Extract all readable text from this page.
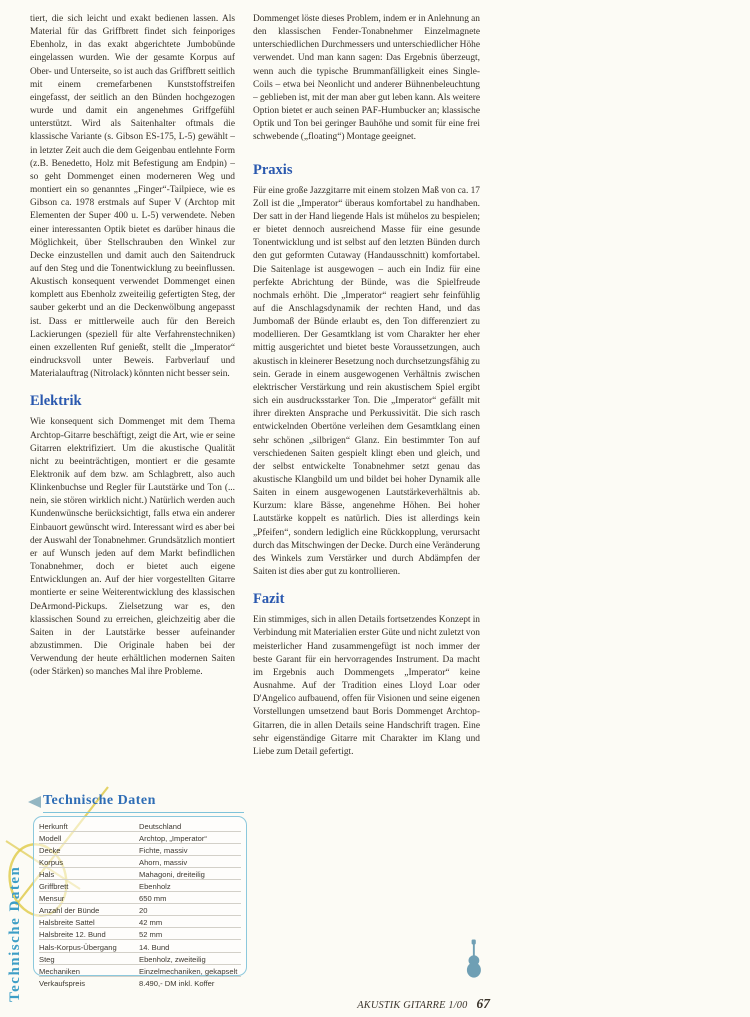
tiert, die sich leicht und exakt bedienen lassen. Als Material für das Griffbrett findet sich feinporiges Ebenholz, in das exakt abgerichtete Jumbobünde eingelassen wurden. Wie der gesamte Korpus auf Ober- und Unterseite, so ist auch das Griffbrett seitlich mit einem cremefarbenen Kunststoffstreifen eingefasst, der seitlich an den Bünden hochgezogen wurde und damit ein angenehmes Griffgefühl unterstützt. Wird als Saitenhalter oftmals die klassische Variante (s. Gibson ES-175, L-5) gewählt – in letzter Zeit auch die dem Geigenbau entlehnte Form (z.B. Benedetto, Holz mit Befestigung am Endpin) – so geht Dommenget einen moderneren Weg und montiert ein so genanntes „Finger“-Tailpiece, wie es Gibson ca. 1978 erstmals auf Super V (Archtop mit Elementen der Super 400 u. L-5) verwendete. Neben einer interessanten Optik bietet es darüber hinaus die Möglichkeit, über Stellschrauben den Winkel zur Decke einzustellen und damit auch den Saitendruck auf den Steg und die Tonentwicklung zu beeinflussen. Akustisch konsequent verwendet Dommenget einen komplett aus Ebenholz zweiteilig gefertigten Steg, der sauber gekerbt und an die Deckenwölbung angepasst ist. Dass er mittlerweile auch für den Bereich Lackierungen (speziell für alte Verfahrenstechniken) einen exzellenten Ruf genießt, stellt die „Imperator“ eindrucksvoll unter Beweis. Farbverlauf und Materialauftrag (Nitrolack) könnten nicht besser sein.

Elektrik

Wie konsequent sich Dommenget mit dem Thema Archtop-Gitarre beschäftigt, zeigt die Art, wie er seine Gitarren elektrifiziert. Um die akustische Qualität nicht zu beeinträchtigen, montiert er die gesamte Elektronik auf dem bzw. am Schlagbrett, also auch Klinkenbuchse und Regler für Lautstärke und Ton (... nein, sie stören wirklich nicht.) Natürlich werden auch Kundenwünsche berücksichtigt, falls etwa ein anderer Einbauort gewünscht wird. Interessant wird es aber bei der Auswahl der Tonabnehmer. Grundsätzlich montiert er auf Wunsch jeden auf dem Markt befindlichen Tonabnehmer, doch er bietet auch eigene Entwicklungen an. Auf der hier vorgestellten Gitarre montierte er seine Weiterentwicklung des klassischen DeArmond-Pickups. Zielsetzung war es, den klassischen Sound zu erreichen, gleichzeitig aber die Saiten in der Lautstärke besser aufeinander abzustimmen. Die Originale haben bei der Verwendung der heute erhältlichen modernen Saiten (oder Stärken) so manches Mal ihre Probleme.

Dommenget löste dieses Problem, indem er in Anlehnung an den klassischen Fender-Tonabnehmer Einzelmagnete unterschiedlichen Durchmessers und unterschiedlicher Höhe verwendet. Und man kann sagen: Das Ergebnis überzeugt, wenn auch die typische Brummanfälligkeit eines Single-Coils – etwa bei Neonlicht und anderer Bühnenbeleuchtung – geblieben ist, mit der man aber gut leben kann. Als weitere Option bietet er auch seinen PAF-Humbucker an; klassische Optik und Ton bei geringer Bauhöhe und somit für eine frei schwebende („floating“) Montage geeignet.

Praxis

Für eine große Jazzgitarre mit einem stolzen Maß von ca. 17 Zoll ist die „Imperator“ überaus komfortabel zu handhaben. Der satt in der Hand liegende Hals ist mühelos zu bespielen; er bietet dennoch ausreichend Masse für eine gesunde Tonentwicklung und ist selbst auf den letzten Bünden durch den gut geformten Cutaway (Handausschnitt) komfortabel. Die Saitenlage ist ausgewogen – auch ein Indiz für eine perfekte Abrichtung der Bünde, was die Spielfreude nochmals erhöht. Die „Imperator“ reagiert sehr feinfühlig auf die Anschlagsdynamik der rechten Hand, und das Jumbomaß der Bünde erlaubt es, den Ton differenziert zu modellieren. Der Gesamtklang ist vom Charakter her eher mittig ausgerichtet und bietet beste Voraussetzungen, auch akustisch in kleinerer Besetzung noch durchsetzungsfähig zu sein. Gerade in einem ausgewogenen Verhältnis zwischen elektrischer Verstärkung und rein akustischem Spiel ergibt sich ein ausdrucksstarker Ton. Die „Imperator“ gefällt mit ihrer direkten Ansprache und Perkussivität. Die sich rasch entwickelnden Obertöne verleihen dem Gesamtklang einen sehr schönen „silbrigen“ Glanz. Ein bestimmter Ton auf verschiedenen Saiten gespielt klingt eben und gleich, und der selbst entwickelte Tonabnehmer setzt genau das akustische Klangbild um und bildet bei hoher Dynamik alle Saiten in einem ausgewogenen Lautstärkeverhältnis ab. Kurzum: klare Bässe, angenehme Höhen. Bei hoher Lautstärke koppelt es natürlich. Dies ist allerdings kein „Pfeifen“, sondern lediglich eine Rückkopplung, verursacht durch das Mitschwingen der Decke. Durch eine Veränderung des Winkels zum Verstärker und durch Abdämpfen der Saiten ist dies aber gut zu kontrollieren.

Fazit

Ein stimmiges, sich in allen Details fortsetzendes Konzept in Verbindung mit Materialien erster Güte und nicht zuletzt von meisterlicher Hand zusammengefügt ist noch immer der beste Garant für ein hervorragendes Instrument. Da macht im Ergebnis auch Dommengets „Imperator“ keine Ausnahme. Auf der Tradition eines Lloyd Loar oder D'Angelico aufbauend, offen für Visionen und seine eigenen Vorstellungen umsetzend baut Boris Dommenget Archtop-Gitarren, die in allen Details seine Handschrift tragen. Eine sehr eigenständige Gitarre mit Charakter im Klang und Liebe zum Detail gefertigt.

Technische Daten
Technische Daten
Herkunft	Deutschland
Modell	Archtop, „Imperator“
Decke	Fichte, massiv
Korpus	Ahorn, massiv
Hals	Mahagoni, dreiteilig
Griffbrett	Ebenholz
Mensur	650 mm
Anzahl der Bünde	20
Halsbreite Sattel	42 mm
Halsbreite 12. Bund	52 mm
Hals-Korpus-Übergang	14. Bund
Steg	Ebenholz, zweiteilig
Mechaniken	Einzelmechaniken, gekapselt
Verkaufspreis	8.490,- DM inkl. Koffer
AKUSTIK GITARRE 1/00 67
